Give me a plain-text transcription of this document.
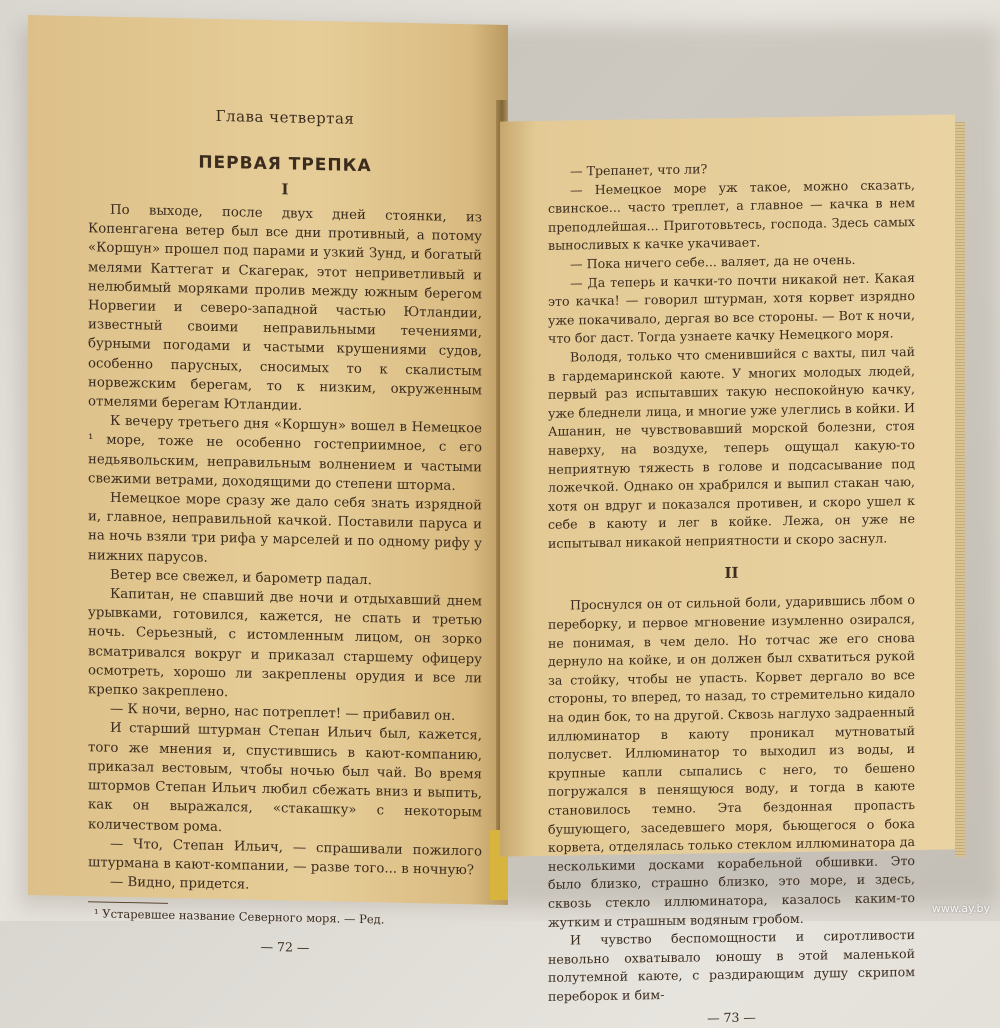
Глава четвертая
ПЕРВАЯ ТРЕПКА
I

По выходе, после двух дней стоянки, из Копенгагена ветер был все дни противный, а потому «Коршун» прошел под парами и узкий Зунд, и богатый мелями Каттегат и Скагерак, этот неприветливый и нелюбимый моряками пролив между южным берегом Норвегии и северо-западной частью Ютландии, известный своими неправильными течениями, бурными погодами и частыми крушениями судов, особенно парусных, сносимых то к скалистым норвежским берегам, то к низким, окруженным отмелями берегам Ютландии.

К вечеру третьего дня «Коршун» вошел в Немецкое ¹ море, тоже не особенно гостеприимное, с его недьявольским, неправильным волнением и частыми свежими ветрами, доходящими до степени шторма.

Немецкое море сразу же дало себя знать изрядной и, главное, неправильной качкой. Поставили паруса и на ночь взяли три рифа у марселей и по одному рифу у нижних парусов.

Ветер все свежел, и барометр падал.

Капитан, не спавший две ночи и отдыхавший днем урывками, готовился, кажется, не спать и третью ночь. Серьезный, с истомленным лицом, он зорко всматривался вокруг и приказал старшему офицеру осмотреть, хорошо ли закреплены орудия и все ли крепко закреплено.

— К ночи, верно, нас потреплет! — прибавил он.

И старший штурман Степан Ильич был, кажется, того же мнения и, спустившись в кают-компанию, приказал вестовым, чтобы ночью был чай. Во время штормов Степан Ильич любил сбежать вниз и выпить, как он выражался, «стакашку» с некоторым количеством рома.

— Что, Степан Ильич, — спрашивали пожилого штурмана в кают-компании, — разве того... в ночную?

— Видно, придется.

¹ Устаревшее название Северного моря. — Ред.
— 72 —

— Трепанет, что ли?

— Немецкое море уж такое, можно сказать, свинское... часто треплет, а главное — качка в нем преподлейшая... Приготовьтесь, господа. Здесь самых выносливых к качке укачивает.

— Пока ничего себе... валяет, да не очень.

— Да теперь и качки-то почти никакой нет. Какая это качка! — говорил штурман, хотя корвет изрядно уже покачивало, дергая во все стороны. — Вот к ночи, что бог даст. Тогда узнаете качку Немецкого моря.

Володя, только что сменившийся с вахты, пил чай в гардемаринской каюте. У многих молодых людей, первый раз испытавших такую неспокойную качку, уже бледнели лица, и многие уже улеглись в койки. И Ашанин, не чувствовавший морской болезни, стоя наверху, на воздухе, теперь ощущал какую-то неприятную тяжесть в голове и подсасывание под ложечкой. Однако он храбрился и выпил стакан чаю, хотя он вдруг и показался противен, и скоро ушел к себе в каюту и лег в койке. Лежа, он уже не испытывал никакой неприятности и скоро заснул.

II

Проснулся он от сильной боли, ударившись лбом о переборку, и первое мгновение изумленно озирался, не понимая, в чем дело. Но тотчас же его снова дернуло на койке, и он должен был схватиться рукой за стойку, чтобы не упасть. Корвет дергало во все стороны, то вперед, то назад, то стремительно кидало на один бок, то на другой. Сквозь наглухо задраенный иллюминатор в каюту проникал мутноватый полусвет. Иллюминатор то выходил из воды, и крупные капли сыпались с него, то бешено погружался в пенящуюся воду, и тогда в каюте становилось темно. Эта бездонная пропасть бушующего, заседевшего моря, бьющегося о бока корвета, отделялась только стеклом иллюминатора да несколькими досками корабельной обшивки. Это было близко, страшно близко, это море, и здесь, сквозь стекло иллюминатора, казалось каким-то жутким и страшным водяным гробом.

И чувство беспомощности и сиротливости невольно охватывало юношу в этой маленькой полутемной каюте, с раздирающим душу скрипом переборок и бим-

— 73 —
www.ay.by
